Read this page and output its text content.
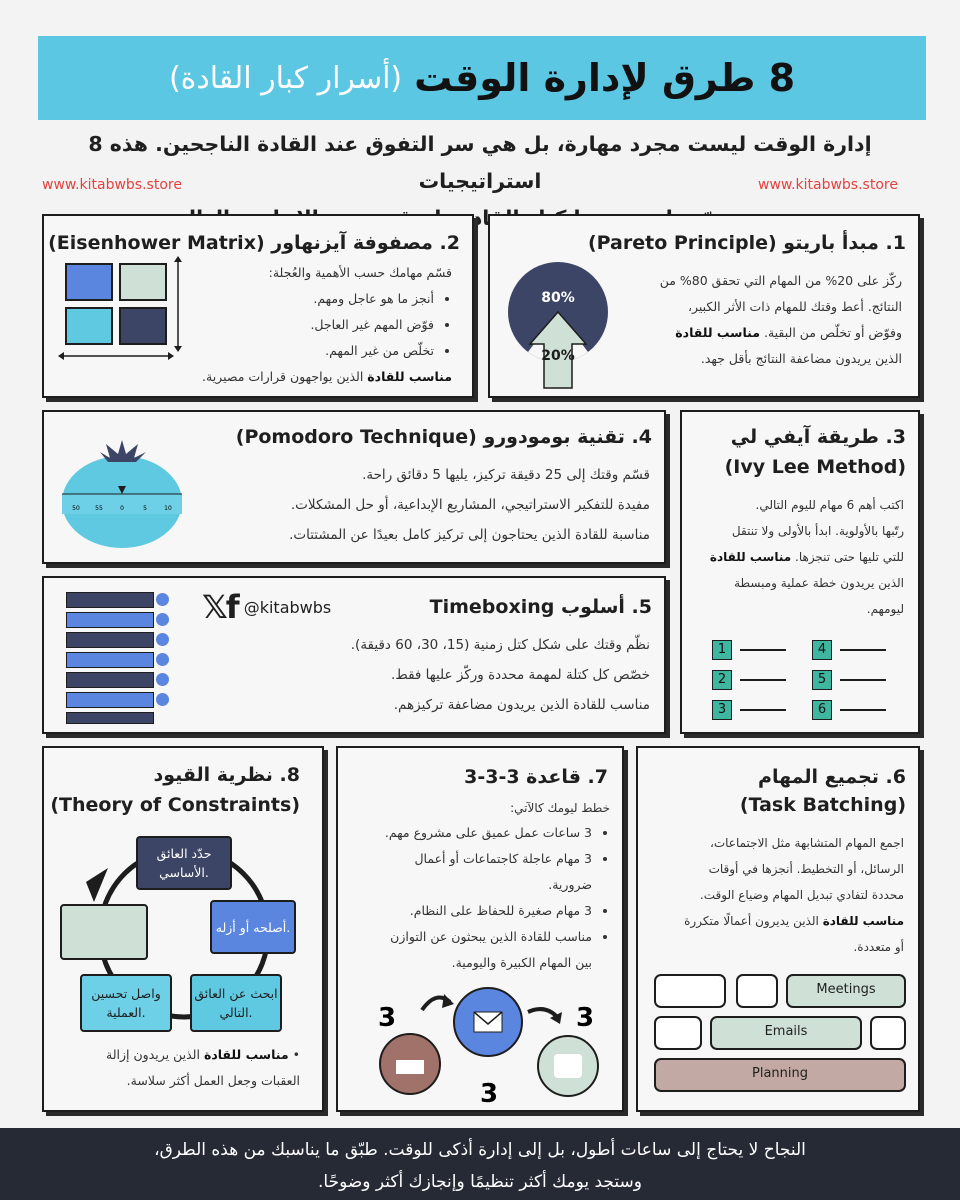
8 طرق لإدارة الوقت
(أسرار كبار القادة)
إدارة الوقت ليست مجرد مهارة، بل هي سر التفوق عند القادة الناجحين. هذه 8 استراتيجيات
www.kitabwbs.store	www.kitabwbs.store
1. مبدأ باريتو (Pareto Principle)
ركّز على 20% من المهام التي تحقق 80% من
النتائج. أعط وقتك للمهام ذات الأثر الكبير،
وفوّض أو تخلّص من البقية. مناسب للقادة
الذين يريدون مضاعفة النتائج بأقل جهد.
80%
20%
2. مصفوفة آيزنهاور (Eisenhower Matrix)
قسّم مهامك حسب الأهمية والعُجلة:
• أنجز ما هو عاجل ومهم.
• فوّض المهم غير العاجل.
• تخلّص من غير المهم.
مناسب للقادة الذين يواجهون قرارات مصيرية.
4. تقنية بومودورو (Pomodoro Technique)
قسّم وقتك إلى 25 دقيقة تركيز، يليها 5 دقائق راحة.
مفيدة للتفكير الاستراتيجي، المشاريع الإبداعية، أو حل المشكلات.
مناسبة للقادة الذين يحتاجون إلى تركيز كامل بعيدًا عن المشتتات.
50	55	0	5	10
3. طريقة آيفي لي
(Ivy Lee Method)
اكتب أهم 6 مهام لليوم التالي.
رتّبها بالأولوية. ابدأ بالأولى ولا تنتقل
للتي تليها حتى تنجزها. مناسب للقادة
الذين يريدون خطة عملية ومبسطة
ليومهم.
1
2
3
4
5
6
5. أسلوب Timeboxing
𝕏f @kitabwbs
نظّم وقتك على شكل كتل زمنية (15، 30، 60 دقيقة).
خصّص كل كتلة لمهمة محددة وركّز عليها فقط.
مناسب للقادة الذين يريدون مضاعفة تركيزهم.
8. نظرية القيود
(Theory of Constraints)
حدّد العائق الأساسي.
أصلحه أو أزله.
ابحث عن العائق التالي.
واصل تحسين العملية.
• مناسب للقادة الذين يريدون إزالة
العقبات وجعل العمل أكثر سلاسة.
7. قاعدة 3-3-3
خطط ليومك كالآتي:
• 3 ساعات عمل عميق على مشروع مهم.
• 3 مهام عاجلة كاجتماعات أو أعمال
ضرورية.
• 3 مهام صغيرة للحفاظ على النظام.
• مناسب للقادة الذين يبحثون عن التوازن
بين المهام الكبيرة واليومية.
3	3
3
6. تجميع المهام
(Task Batching)
اجمع المهام المتشابهة مثل الاجتماعات،
الرسائل، أو التخطيط. أنجزها في أوقات
محددة لتفادي تبديل المهام وضياع الوقت.
مناسب للقادة الذين يديرون أعمالًا متكررة
أو متعددة.
Meetings
Emails
Planning
النجاح لا يحتاج إلى ساعات أطول، بل إلى إدارة أذكى للوقت. طبّق ما يناسبك من هذه الطرق،
وستجد يومك أكثر تنظيمًا وإنجازك أكثر وضوحًا.
